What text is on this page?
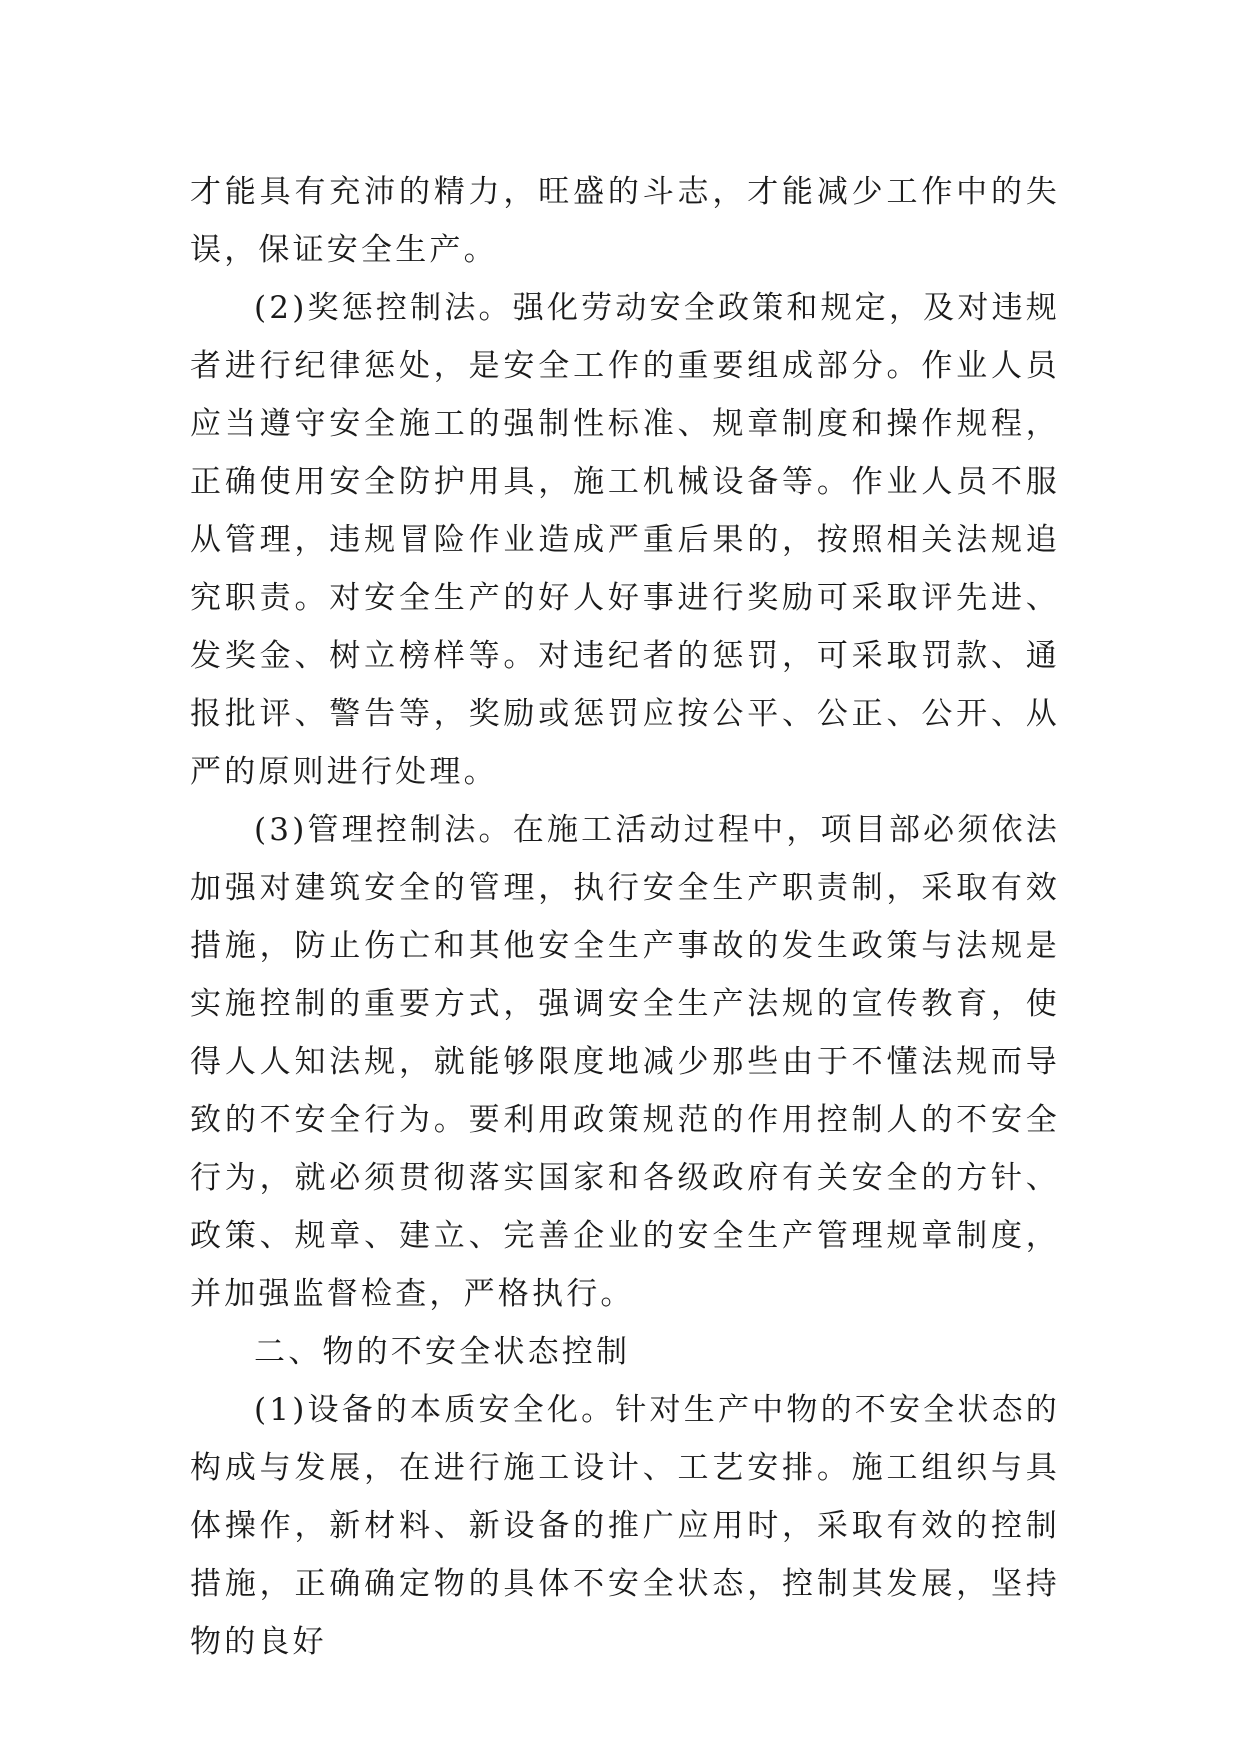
才能具有充沛的精力，旺盛的斗志，才能减少工作中的失误，保证安全生产。

(2)奖惩控制法。强化劳动安全政策和规定，及对违规者进行纪律惩处，是安全工作的重要组成部分。作业人员应当遵守安全施工的强制性标准、规章制度和操作规程，正确使用安全防护用具，施工机械设备等。作业人员不服从管理，违规冒险作业造成严重后果的，按照相关法规追究职责。对安全生产的好人好事进行奖励可采取评先进、发奖金、树立榜样等。对违纪者的惩罚，可采取罚款、通报批评、警告等，奖励或惩罚应按公平、公正、公开、从严的原则进行处理。

(3)管理控制法。在施工活动过程中，项目部必须依法加强对建筑安全的管理，执行安全生产职责制，采取有效措施，防止伤亡和其他安全生产事故的发生政策与法规是实施控制的重要方式，强调安全生产法规的宣传教育，使得人人知法规，就能够限度地减少那些由于不懂法规而导致的不安全行为。要利用政策规范的作用控制人的不安全行为，就必须贯彻落实国家和各级政府有关安全的方针、政策、规章、建立、完善企业的安全生产管理规章制度，并加强监督检查，严格执行。

二、物的不安全状态控制

(1)设备的本质安全化。针对生产中物的不安全状态的构成与发展，在进行施工设计、工艺安排。施工组织与具体操作，新材料、新设备的推广应用时，采取有效的控制措施，正确确定物的具体不安全状态，控制其发展，坚持物的良好
